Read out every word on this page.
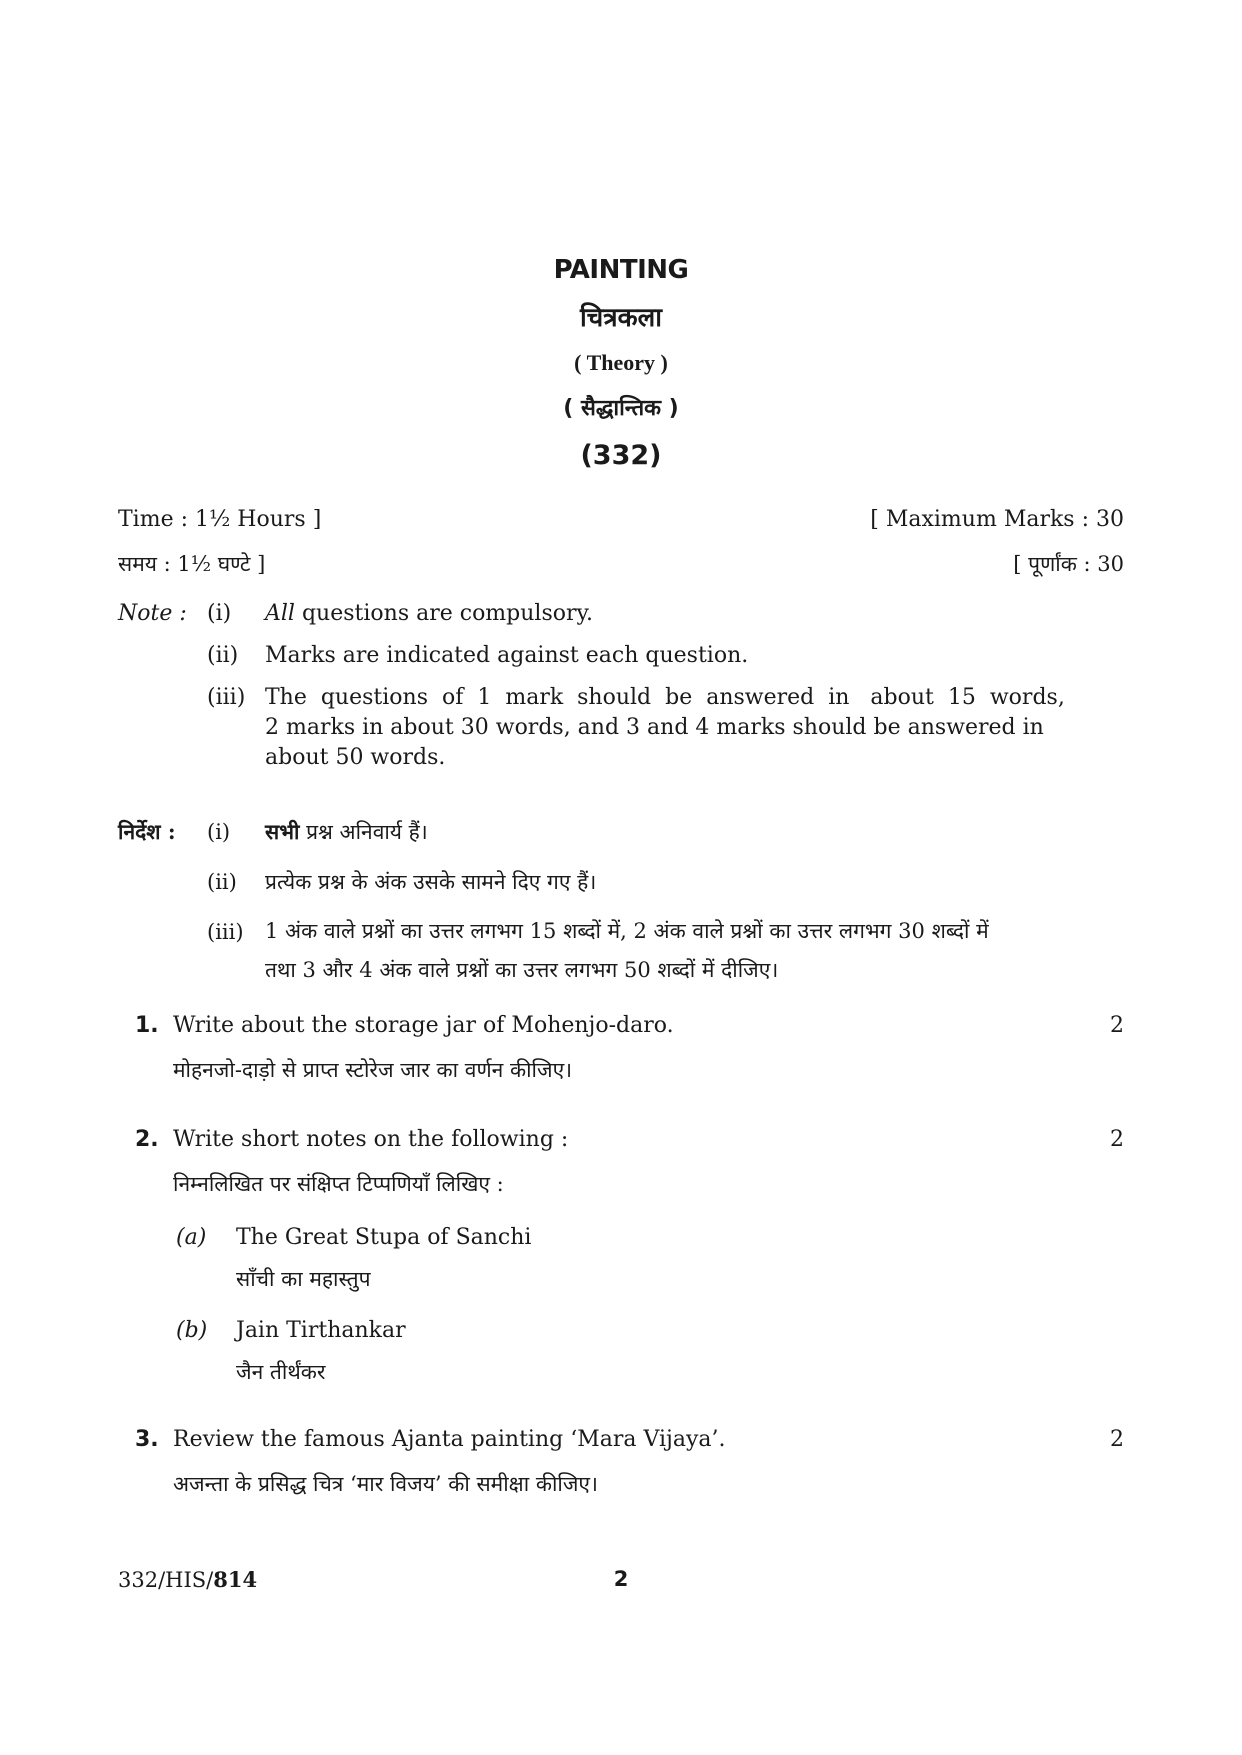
PAINTING
चित्रकला
( Theory )
( सैद्धान्तिक )
(332)
Time : 1½ Hours ]	[ Maximum Marks : 30
समय : 1½ घण्टे ]	[ पूर्णांक : 30
Note : (i) All questions are compulsory.
(ii) Marks are indicated against each question.
(iii) The  questions  of  1  mark  should  be  answered  in   about  15  words,
2 marks in about 30 words, and 3 and 4 marks should be answered in
about 50 words.
निर्देश : (i) सभी प्रश्न अनिवार्य हैं।
(ii) प्रत्येक प्रश्न के अंक उसके सामने दिए गए हैं।
(iii) 1 अंक वाले प्रश्नों का उत्तर लगभग 15 शब्दों में, 2 अंक वाले प्रश्नों का उत्तर लगभग 30 शब्दों में
तथा 3 और 4 अंक वाले प्रश्नों का उत्तर लगभग 50 शब्दों में दीजिए।
1. Write about the storage jar of Mohenjo-daro.	2
मोहनजो-दाड़ो से प्राप्त स्टोरेज जार का वर्णन कीजिए।
2. Write short notes on the following :	2
निम्नलिखित पर संक्षिप्त टिप्पणियाँ लिखिए :
(a) The Great Stupa of Sanchi
साँची का महास्तुप
(b) Jain Tirthankar
जैन तीर्थंकर
3. Review the famous Ajanta painting ‘Mara Vijaya’.	2
अजन्ता के प्रसिद्ध चित्र ‘मार विजय’ की समीक्षा कीजिए।
332/HIS/814	2
